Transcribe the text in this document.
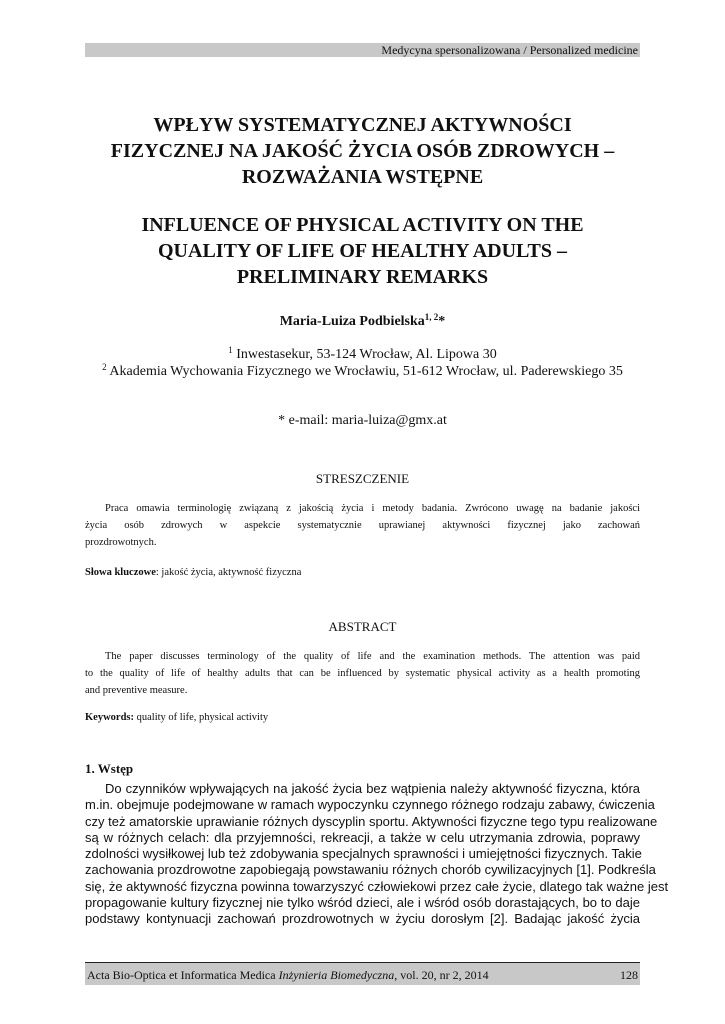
Medycyna spersonalizowana / Personalized medicine
WPŁYW SYSTEMATYCZNEJ AKTYWNOŚCI
FIZYCZNEJ NA JAKOŚĆ ŻYCIA OSÓB ZDROWYCH –
ROZWAŻANIA WSTĘPNE
INFLUENCE OF PHYSICAL ACTIVITY ON THE
QUALITY OF LIFE OF HEALTHY ADULTS –
PRELIMINARY REMARKS
Maria-Luiza Podbielska$^{1, 2}$*
$^1$ Inwestasekur, 53-124 Wrocław, Al. Lipowa 30
$^2$ Akademia Wychowania Fizycznego we Wrocławiu, 51-612 Wrocław, ul. Paderewskiego 35
* e-mail: maria-luiza@gmx.at
STRESZCZENIE

Praca omawia terminologię związaną z jakością życia i metody badania. Zwrócono uwagę na badanie jakości
życia osób zdrowych w aspekcie systematycznie uprawianej aktywności fizycznej jako zachowań
prozdrowotnych.

Słowa kluczowe: jakość życia, aktywność fizyczna
ABSTRACT

The paper discusses terminology of the quality of life and the examination methods. The attention was paid
to the quality of life of healthy adults that can be influenced by systematic physical activity as a health promoting
and preventive measure.

Keywords: quality of life, physical activity
1. Wstęp

Do czynników wpływających na jakość życia bez wątpienia należy aktywność fizyczna, która
m.in. obejmuje podejmowane w ramach wypoczynku czynnego różnego rodzaju zabawy, ćwiczenia
czy też amatorskie uprawianie różnych dyscyplin sportu. Aktywności fizyczne tego typu realizowane
są w różnych celach: dla przyjemności, rekreacji, a także w celu utrzymania zdrowia, poprawy
zdolności wysiłkowej lub też zdobywania specjalnych sprawności i umiejętności fizycznych. Takie
zachowania prozdrowotne zapobiegają powstawaniu różnych chorób cywilizacyjnych [1]. Podkreśla
się, że aktywność fizyczna powinna towarzyszyć człowiekowi przez całe życie, dlatego tak ważne jest
propagowanie kultury fizycznej nie tylko wśród dzieci, ale i wśród osób dorastających, bo to daje
podstawy kontynuacji zachowań prozdrowotnych w życiu dorosłym [2]. Badając jakość życia

Acta Bio-Optica et Informatica Medica Inżynieria Biomedyczna, vol. 20, nr 2, 2014	128
